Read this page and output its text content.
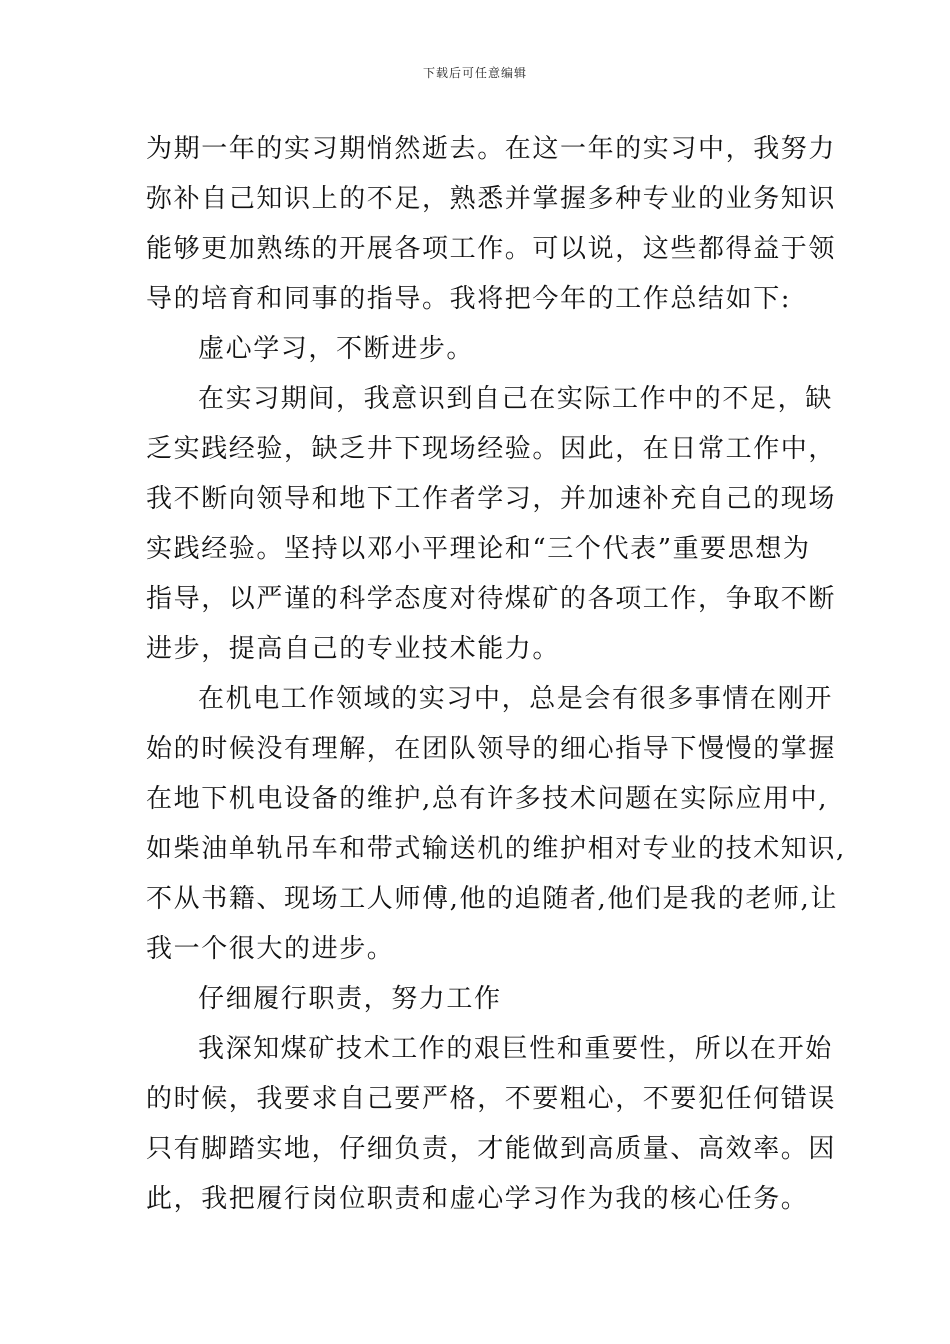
下载后可任意编辑
为期一年的实习期悄然逝去。在这一年的实习中，我努力
弥补自己知识上的不足，熟悉并掌握多种专业的业务知识
能够更加熟练的开展各项工作。可以说，这些都得益于领
导的培育和同事的指导。我将把今年的工作总结如下:
虚心学习，不断进步。
在实习期间，我意识到自己在实际工作中的不足，缺
乏实践经验，缺乏井下现场经验。因此，在日常工作中，
我不断向领导和地下工作者学习，并加速补充自己的现场
实践经验。坚持以邓小平理论和“三个代表”重要思想为
指导，以严谨的科学态度对待煤矿的各项工作，争取不断
进步，提高自己的专业技术能力。
在机电工作领域的实习中，总是会有很多事情在刚开
始的时候没有理解，在团队领导的细心指导下慢慢的掌握
在地下机电设备的维护,总有许多技术问题在实际应用中,
如柴油单轨吊车和带式输送机的维护相对专业的技术知识,
不从书籍、现场工人师傅,他的追随者,他们是我的老师,让
我一个很大的进步。
仔细履行职责，努力工作
我深知煤矿技术工作的艰巨性和重要性，所以在开始
的时候，我要求自己要严格，不要粗心，不要犯任何错误
只有脚踏实地，仔细负责，才能做到高质量、高效率。因
此，我把履行岗位职责和虚心学习作为我的核心任务。
